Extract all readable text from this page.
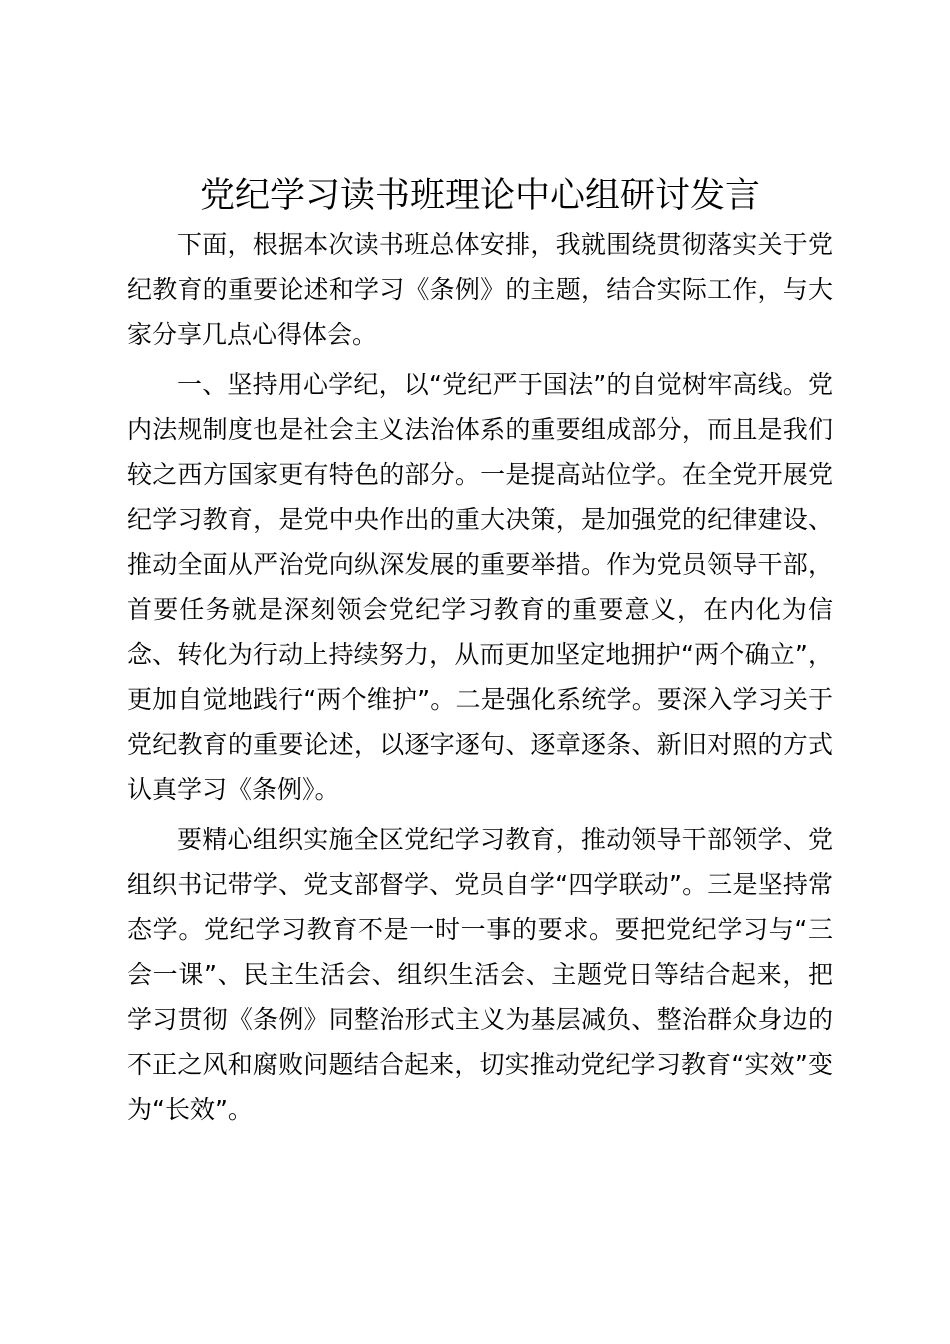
党纪学习读书班理论中心组研讨发言

下面，根据本次读书班总体安排，我就围绕贯彻落实关于党纪教育的重要论述和学习《条例》的主题，结合实际工作，与大家分享几点心得体会。

一、坚持用心学纪，以“党纪严于国法”的自觉树牢高线。党内法规制度也是社会主义法治体系的重要组成部分，而且是我们较之西方国家更有特色的部分。一是提高站位学。在全党开展党纪学习教育，是党中央作出的重大决策，是加强党的纪律建设、推动全面从严治党向纵深发展的重要举措。作为党员领导干部，首要任务就是深刻领会党纪学习教育的重要意义，在内化为信念、转化为行动上持续努力，从而更加坚定地拥护“两个确立”，更加自觉地践行“两个维护”。二是强化系统学。要深入学习关于党纪教育的重要论述，以逐字逐句、逐章逐条、新旧对照的方式认真学习《条例》。

要精心组织实施全区党纪学习教育，推动领导干部领学、党组织书记带学、党支部督学、党员自学“四学联动”。三是坚持常态学。党纪学习教育不是一时一事的要求。要把党纪学习与“三会一课”、民主生活会、组织生活会、主题党日等结合起来，把学习贯彻《条例》同整治形式主义为基层减负、整治群众身边的不正之风和腐败问题结合起来，切实推动党纪学习教育“实效”变为“长效”。
